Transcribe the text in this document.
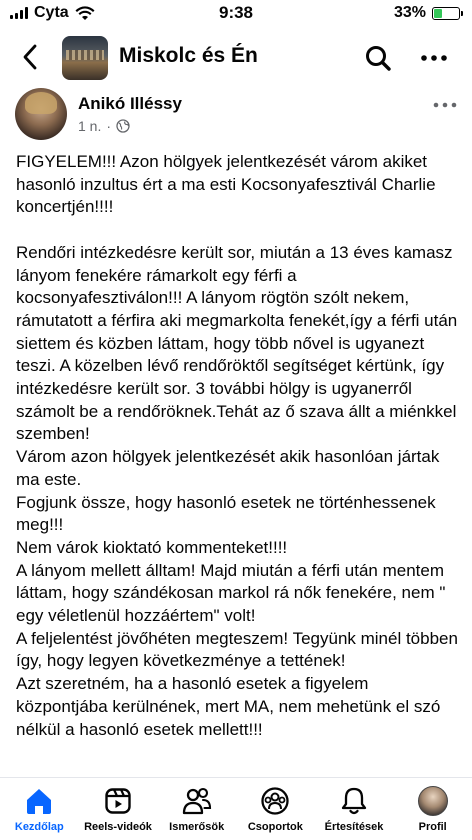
Cyta	9:38	33%
Miskolc és Én
Anikó Illéssy
1 n. ·
FIGYELEM!!! Azon hölgyek jelentkezését várom akiket hasonló inzultus ért a ma esti Kocsonyafesztivál Charlie koncertjén!!!!

Rendőri intézkedésre került sor, miután a 13 éves kamasz lányom fenekére rámarkolt egy férfi a kocsonyafesztiválon!!! A lányom rögtön szólt nekem, rámutatott a férfira aki megmarkolta fenekét,így a férfi után siettem és közben láttam, hogy több nővel is ugyanezt teszi. A közelben lévő rendőröktől segítséget kértünk, így intézkedésre került sor. 3 további hölgy is ugyanerről számolt be a rendőröknek.Tehát az ő szava állt a miénkkel szemben!
Várom azon hölgyek jelentkezését akik hasonlóan jártak ma este.
Fogjunk össze, hogy hasonló esetek ne történhessenek meg!!!
Nem várok kioktató kommenteket!!!!
A lányom mellett álltam! Majd miután a férfi után mentem láttam, hogy szándékosan markol rá nők fenekére, nem " egy véletlenül hozzáértem" volt!
A feljelentést jövőhéten megteszem! Tegyünk minél többen így, hogy legyen következménye a tettének!
Azt szeretném, ha a hasonló esetek a figyelem központjába kerülnének, mert MA, nem mehetünk el szó nélkül a hasonló esetek mellett!!!
Kezdőlap Reels-videók Ismerősök Csoportok Értesítések	Profil
